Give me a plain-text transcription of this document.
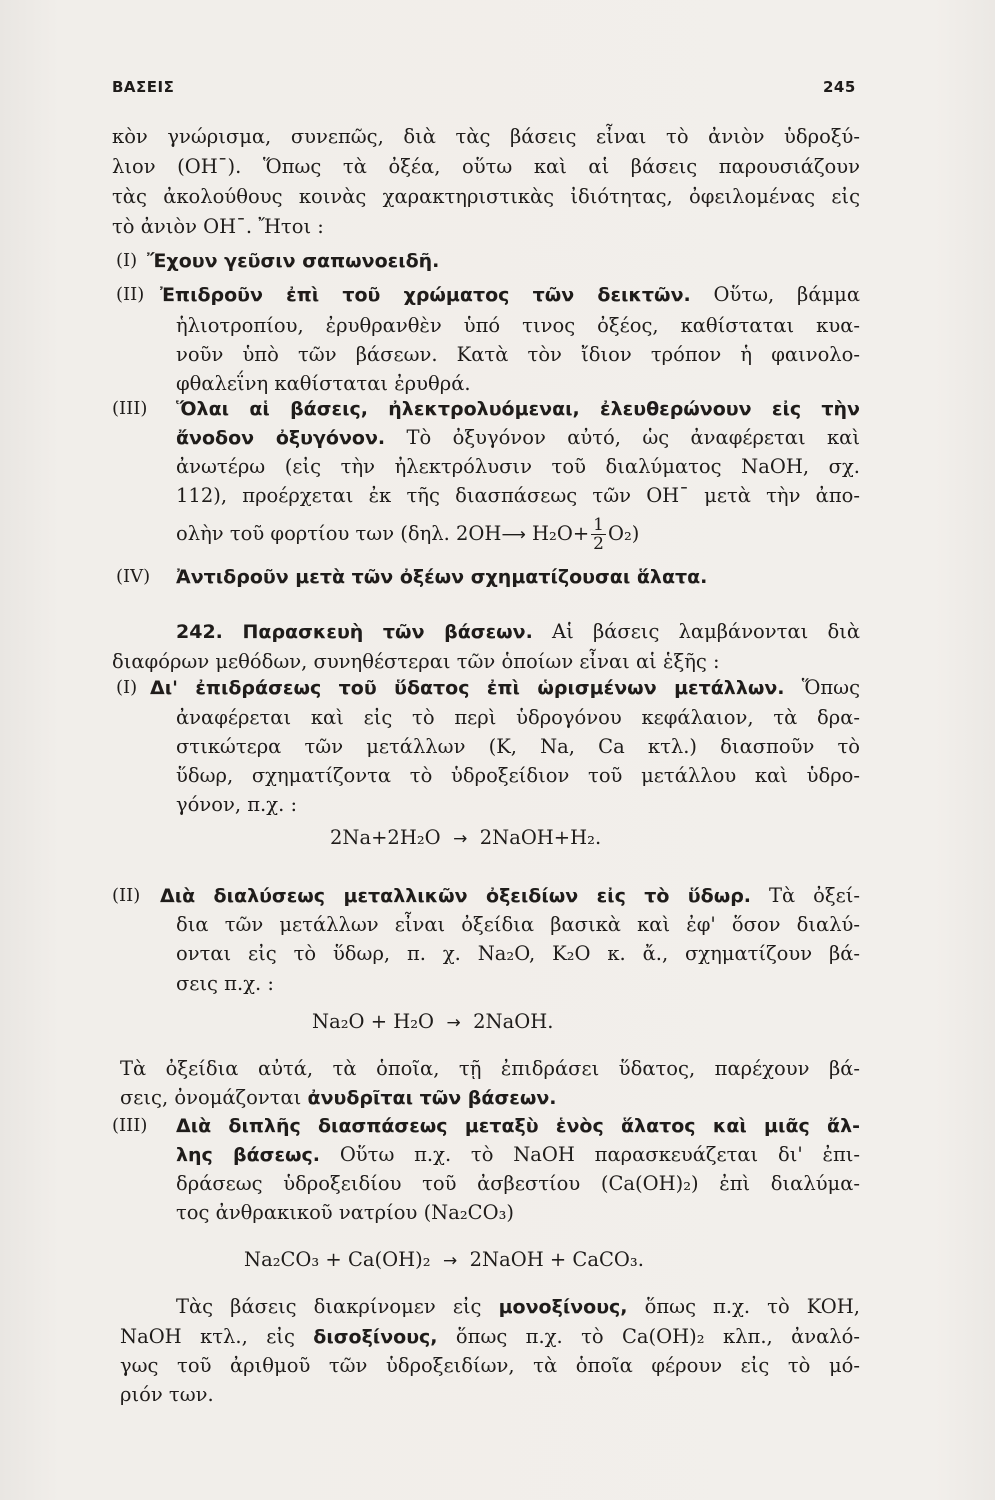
ΒΑΣΕΙΣ	245
κὸν γνώρισμα, συνεπῶς, διὰ τὰς βάσεις εἶναι τὸ ἀνιὸν ὑδροξύ-
λιον (OH¯). Ὅπως τὰ ὀξέα, οὕτω καὶ αἱ βάσεις παρουσιάζουν
τὰς ἀκολούθους κοινὰς χαρακτηριστικὰς ἰδιότητας, ὀφειλομένας εἰς
τὸ ἀνιὸν OH¯. Ἤτοι :
(I) Ἔχουν γεῦσιν σαπωνοειδῆ.
(II) Ἐπιδροῦν ἐπὶ τοῦ χρώματος τῶν δεικτῶν. Οὕτω, βάμμα
ἡλιοτροπίου, ἐρυθρανθὲν ὑπό τινος ὀξέος, καθίσταται κυα-
νοῦν ὑπὸ τῶν βάσεων. Κατὰ τὸν ἴδιον τρόπον ἡ φαινολο-
φθαλεΐνη καθίσταται ἐρυθρά.
(III) Ὅλαι αἱ βάσεις, ἠλεκτρολυόμεναι, ἐλευθερώνουν εἰς τὴν
ἄνοδον ὀξυγόνον. Τὸ ὀξυγόνον αὐτό, ὡς ἀναφέρεται καὶ
ἀνωτέρω (εἰς τὴν ἠλεκτρόλυσιν τοῦ διαλύματος NaOH, σχ.
112), προέρχεται ἐκ τῆς διασπάσεως τῶν OH¯ μετὰ τὴν ἀπο-
ολὴν τοῦ φορτίου των (δηλ. 2OH⟶ $H_2O+ \frac{1}{2} O_2$)
(IV) Ἀντιδροῦν μετὰ τῶν ὀξέων σχηματίζουσαι ἅλατα.
242. Παρασκευὴ τῶν βάσεων. Αἱ βάσεις λαμβάνονται διὰ
διαφόρων μεθόδων, συνηθέστεραι τῶν ὁποίων εἶναι αἱ ἑξῆς :
(I) Δι' ἐπιδράσεως τοῦ ὕδατος ἐπὶ ὡρισμένων μετάλλων. Ὅπως
ἀναφέρεται καὶ εἰς τὸ περὶ ὑδρογόνου κεφάλαιον, τὰ δρα-
στικώτερα τῶν μετάλλων (K, Na, Ca κτλ.) διασποῦν τὸ
ὕδωρ, σχηματίζοντα τὸ ὑδροξείδιον τοῦ μετάλλου καὶ ὑδρο-
γόνον, π.χ. :
2Na+2H₂O → 2NaOH+H₂.
(II) Διὰ διαλύσεως μεταλλικῶν ὀξειδίων εἰς τὸ ὕδωρ. Τὰ ὀξεί-
δια τῶν μετάλλων εἶναι ὀξείδια βασικὰ καὶ ἐφ' ὅσον διαλύ-
ονται εἰς τὸ ὕδωρ, π. χ. Na₂O, K₂O κ. ἄ., σχηματίζουν βά-
σεις π.χ. :
Na₂O + H₂O → 2NaOH.
Τὰ ὀξείδια αὐτά, τὰ ὁποῖα, τῇ ἐπιδράσει ὕδατος, παρέχουν βά-
σεις, ὀνομάζονται ἀνυδρῖται τῶν βάσεων.
(III) Διὰ διπλῆς διασπάσεως μεταξὺ ἑνὸς ἅλατος καὶ μιᾶς ἄλ-
λης βάσεως. Οὕτω π.χ. τὸ NaOH παρασκευάζεται δι' ἐπι-
δράσεως ὑδροξειδίου τοῦ ἀσβεστίου (Ca(OH)₂) ἐπὶ διαλύμα-
τος ἀνθρακικοῦ νατρίου (Na₂CO₃)
Na₂CO₃ + Ca(OH)₂ → 2NaOH + CaCO₃.
Τὰς βάσεις διακρίνομεν εἰς μονοξίνους, ὅπως π.χ. τὸ KOH,
NaOH κτλ., εἰς δισοξίνους, ὅπως π.χ. τὸ Ca(OH)₂ κλπ., ἀναλό-
γως τοῦ ἀριθμοῦ τῶν ὑδροξειδίων, τὰ ὁποῖα φέρουν εἰς τὸ μό-
ριόν των.
